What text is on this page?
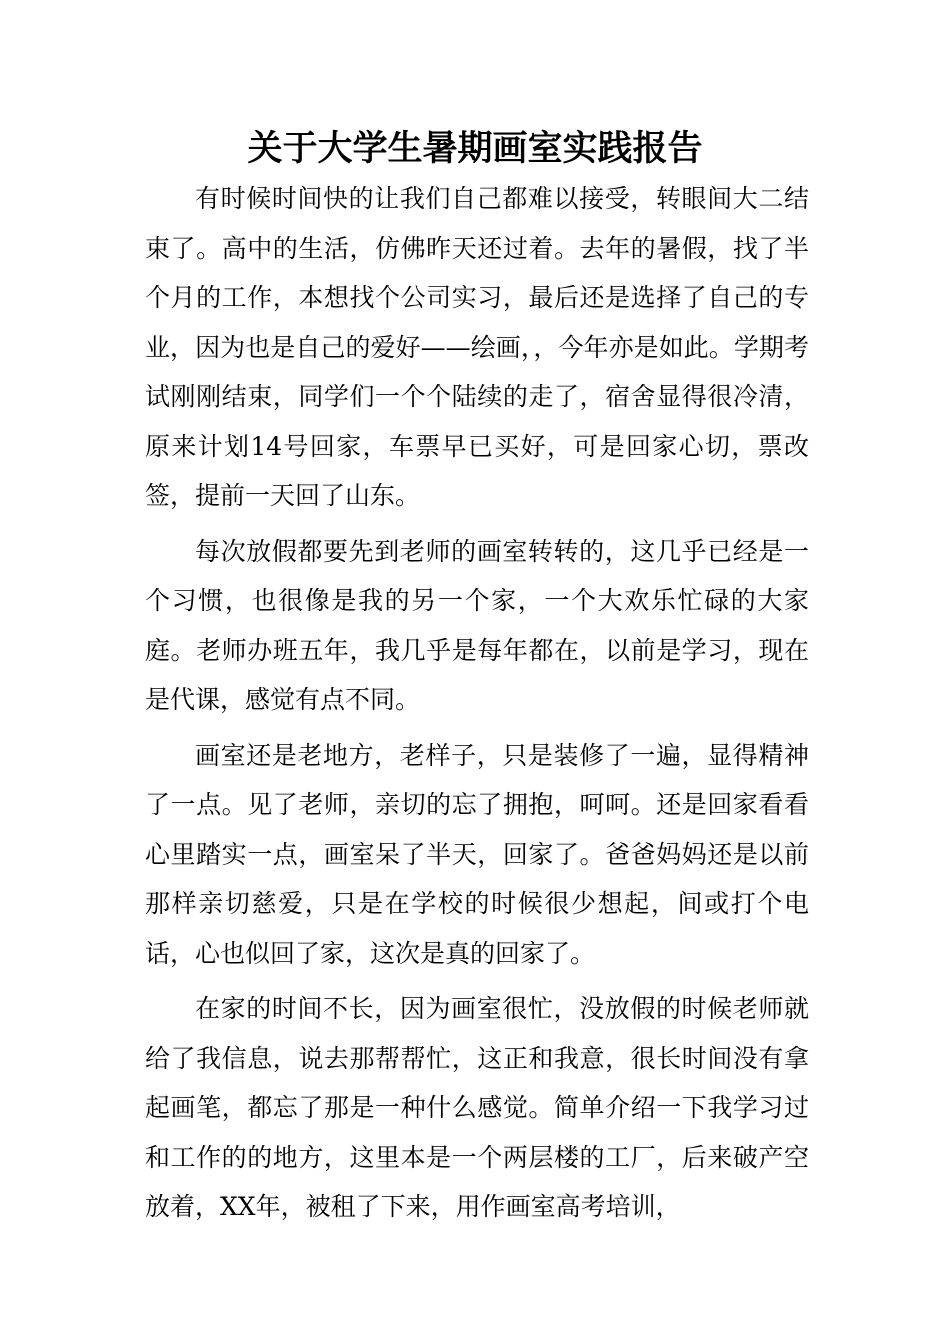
关于大学生暑期画室实践报告

有时候时间快的让我们自己都难以接受，转眼间大二结束了。高中的生活，仿佛昨天还过着。去年的暑假，找了半个月的工作，本想找个公司实习，最后还是选择了自己的专业，因为也是自己的爱好——绘画，，今年亦是如此。学期考试刚刚结束，同学们一个个陆续的走了，宿舍显得很冷清，原来计划14号回家，车票早已买好，可是回家心切，票改签，提前一天回了山东。

每次放假都要先到老师的画室转转的，这几乎已经是一个习惯，也很像是我的另一个家，一个大欢乐忙碌的大家庭。老师办班五年，我几乎是每年都在，以前是学习，现在是代课，感觉有点不同。

画室还是老地方，老样子，只是装修了一遍，显得精神了一点。见了老师，亲切的忘了拥抱，呵呵。还是回家看看心里踏实一点，画室呆了半天，回家了。爸爸妈妈还是以前那样亲切慈爱，只是在学校的时候很少想起，间或打个电话，心也似回了家，这次是真的回家了。

在家的时间不长，因为画室很忙，没放假的时候老师就给了我信息，说去那帮帮忙，这正和我意，很长时间没有拿起画笔，都忘了那是一种什么感觉。简单介绍一下我学习过和工作的的地方，这里本是一个两层楼的工厂，后来破产空放着，XX年，被租了下来，用作画室高考培训，
